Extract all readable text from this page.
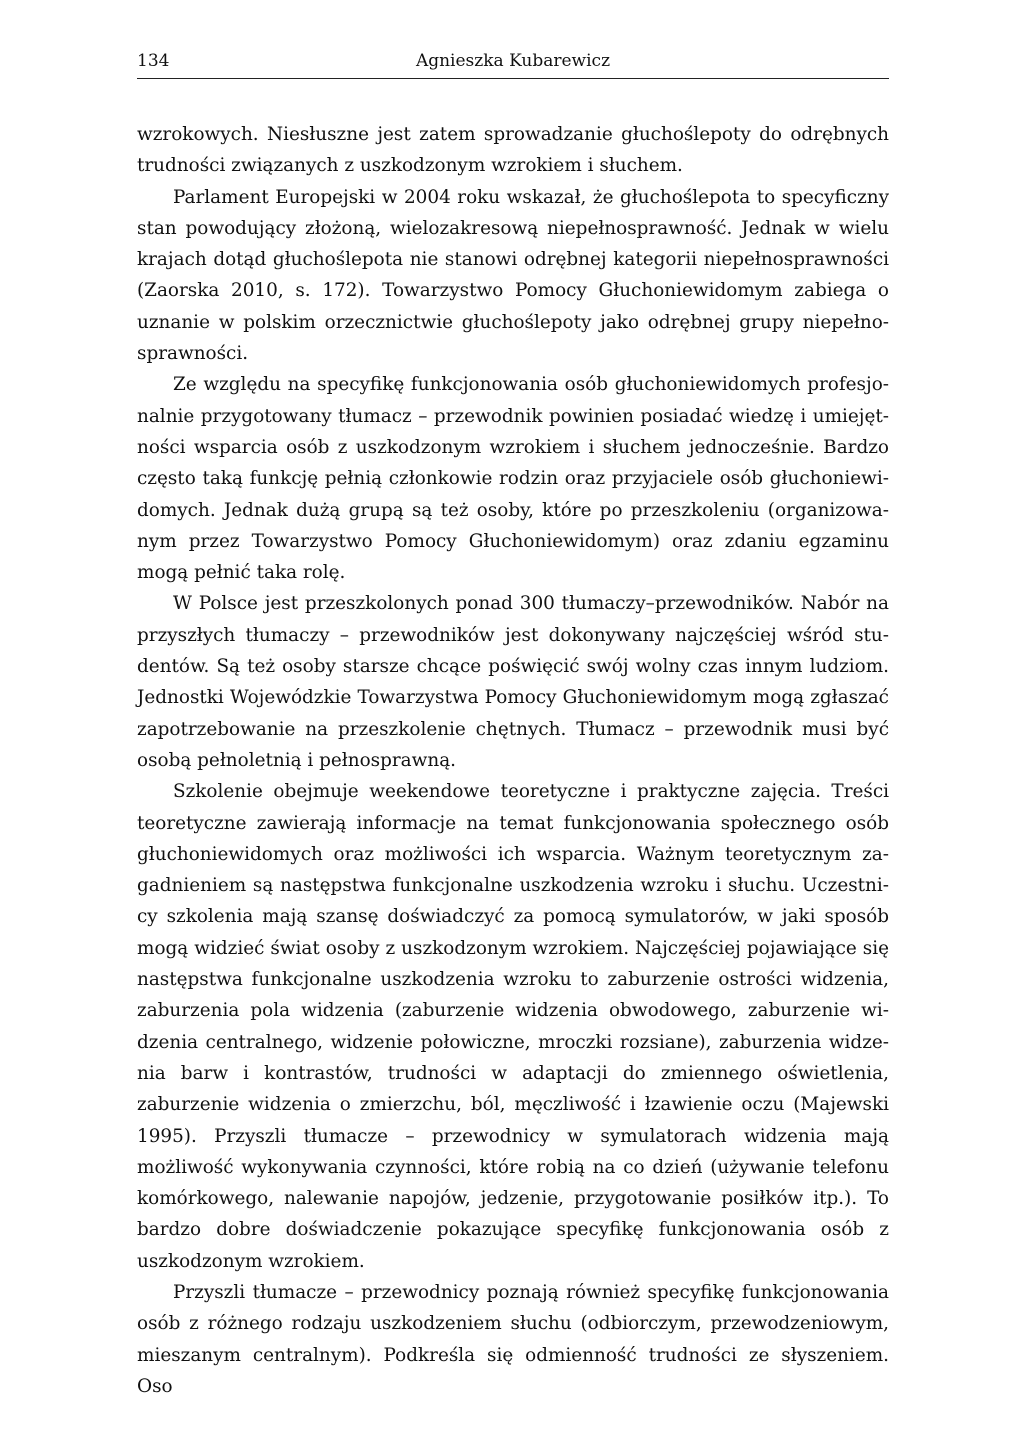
134	Agnieszka Kubarewicz

wzrokowych. Niesłuszne jest zatem sprowadzanie głuchoślepoty do odrębnych trudności związanych z uszkodzonym wzrokiem i słuchem.

Parlament Europejski w 2004 roku wskazał, że głuchoślepota to specyficzny stan powodujący złożoną, wielozakresową niepełnosprawność. Jednak w wielu krajach dotąd głuchoślepota nie stanowi odrębnej kategorii niepełnosprawności (Zaorska 2010, s. 172). Towarzystwo Pomocy Głuchoniewidomym zabiega o uznanie w polskim orzecznictwie głuchoślepoty jako odrębnej grupy niepełnosprawności.

Ze względu na specyfikę funkcjonowania osób głuchoniewidomych profesjonalnie przygotowany tłumacz – przewodnik powinien posiadać wiedzę i umiejętności wsparcia osób z uszkodzonym wzrokiem i słuchem jednocześnie. Bardzo często taką funkcję pełnią członkowie rodzin oraz przyjaciele osób głuchoniewidomych. Jednak dużą grupą są też osoby, które po przeszkoleniu (organizowanym przez Towarzystwo Pomocy Głuchoniewidomym) oraz zdaniu egzaminu mogą pełnić taka rolę.

W Polsce jest przeszkolonych ponad 300 tłumaczy–przewodników. Nabór na przyszłych tłumaczy – przewodników jest dokonywany najczęściej wśród studentów. Są też osoby starsze chcące poświęcić swój wolny czas innym ludziom. Jednostki Wojewódzkie Towarzystwa Pomocy Głuchoniewidomym mogą zgłaszać zapotrzebowanie na przeszkolenie chętnych. Tłumacz – przewodnik musi być osobą pełnoletnią i pełnosprawną.

Szkolenie obejmuje weekendowe teoretyczne i praktyczne zajęcia. Treści teoretyczne zawierają informacje na temat funkcjonowania społecznego osób głuchoniewidomych oraz możliwości ich wsparcia. Ważnym teoretycznym zagadnieniem są następstwa funkcjonalne uszkodzenia wzroku i słuchu. Uczestnicy szkolenia mają szansę doświadczyć za pomocą symulatorów, w jaki sposób mogą widzieć świat osoby z uszkodzonym wzrokiem. Najczęściej pojawiające się następstwa funkcjonalne uszkodzenia wzroku to zaburzenie ostrości widzenia, zaburzenia pola widzenia (zaburzenie widzenia obwodowego, zaburzenie widzenia centralnego, widzenie połowiczne, mroczki rozsiane), zaburzenia widzenia barw i kontrastów, trudności w adaptacji do zmiennego oświetlenia, zaburzenie widzenia o zmierzchu, ból, męczliwość i łzawienie oczu (Majewski 1995). Przyszli tłumacze – przewodnicy w symulatorach widzenia mają możliwość wykonywania czynności, które robią na co dzień (używanie telefonu komórkowego, nalewanie napojów, jedzenie, przygotowanie posiłków itp.). To bardzo dobre doświadczenie pokazujące specyfikę funkcjonowania osób z uszkodzonym wzrokiem.

Przyszli tłumacze – przewodnicy poznają również specyfikę funkcjonowania osób z różnego rodzaju uszkodzeniem słuchu (odbiorczym, przewodzeniowym, mieszanym centralnym). Podkreśla się odmienność trudności ze słyszeniem. Oso
